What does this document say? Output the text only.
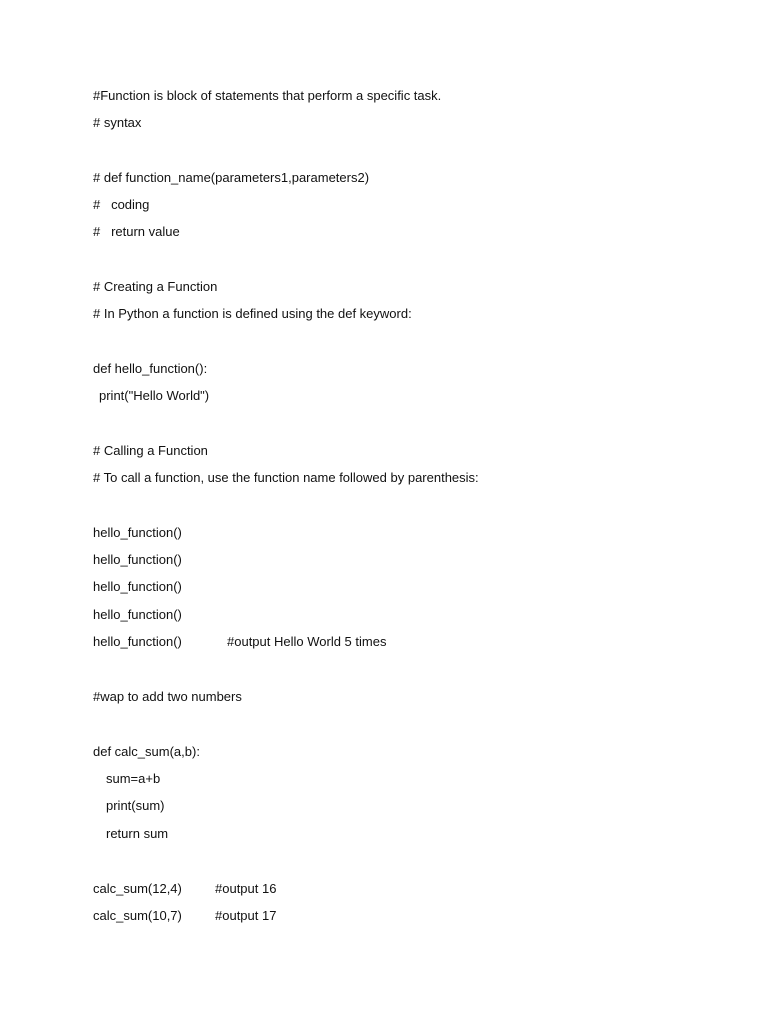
#Function is block of statements that perform a specific task.
# syntax
# def function_name(parameters1,parameters2)
#   coding
#   return value
# Creating a Function
# In Python a function is defined using the def keyword:
def hello_function():
print("Hello World")
# Calling a Function
# To call a function, use the function name followed by parenthesis:
hello_function()
hello_function()
hello_function()
hello_function()
hello_function()	#output Hello World 5 times
#wap to add two numbers
def calc_sum(a,b):
sum=a+b
print(sum)
return sum
calc_sum(12,4)	#output 16
calc_sum(10,7)	#output 17
